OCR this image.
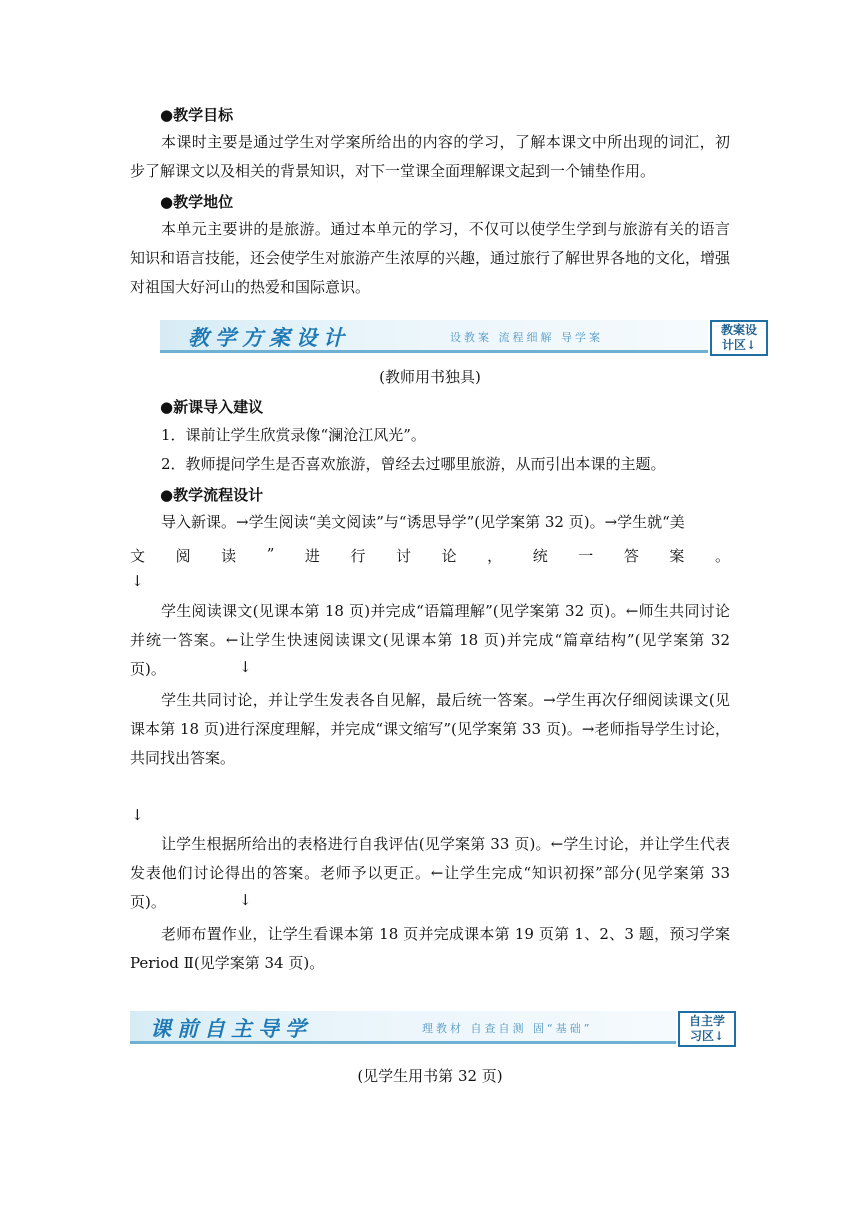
●教学目标
本课时主要是通过学生对学案所给出的内容的学习，了解本课文中所出现的词汇，初步了解课文以及相关的背景知识，对下一堂课全面理解课文起到一个铺垫作用。
●教学地位
本单元主要讲的是旅游。通过本单元的学习，不仅可以使学生学到与旅游有关的语言知识和语言技能，还会使学生对旅游产生浓厚的兴趣，通过旅行了解世界各地的文化，增强对祖国大好河山的热爱和国际意识。
教学方案设计	设教案 流程细解 导学案
教案设
计区↓
(教师用书独具)
●新课导入建议
1．课前让学生欣赏录像“澜沧江风光”。
2．教师提问学生是否喜欢旅游，曾经去过哪里旅游，从而引出本课的主题。
●教学流程设计
导入新课。→学生阅读“美文阅读”与“诱思导学”(见学案第 32 页)。→学生就“美
文 阅 读 ” 进 行 讨 论 ， 统 一 答 案 。
↓
学生阅读课文(见课本第 18 页)并完成“语篇理解”(见学案第 32 页)。←师生共同讨论并统一答案。←让学生快速阅读课文(见课本第 18 页)并完成“篇章结构”(见学案第 32 页)。	↓
学生共同讨论，并让学生发表各自见解，最后统一答案。→学生再次仔细阅读课文(见课本第 18 页)进行深度理解，并完成“课文缩写”(见学案第 33 页)。→老师指导学生讨论，共同找出答案。
↓
让学生根据所给出的表格进行自我评估(见学案第 33 页)。←学生讨论，并让学生代表发表他们讨论得出的答案。老师予以更正。←让学生完成“知识初探”部分(见学案第 33 页)。	↓
老师布置作业，让学生看课本第 18 页并完成课本第 19 页第 1、2、3 题，预习学案 Period Ⅱ(见学案第 34 页)。
课前自主导学	理教材 自查自测 固“基础”
自主学
习区↓
(见学生用书第 32 页)
